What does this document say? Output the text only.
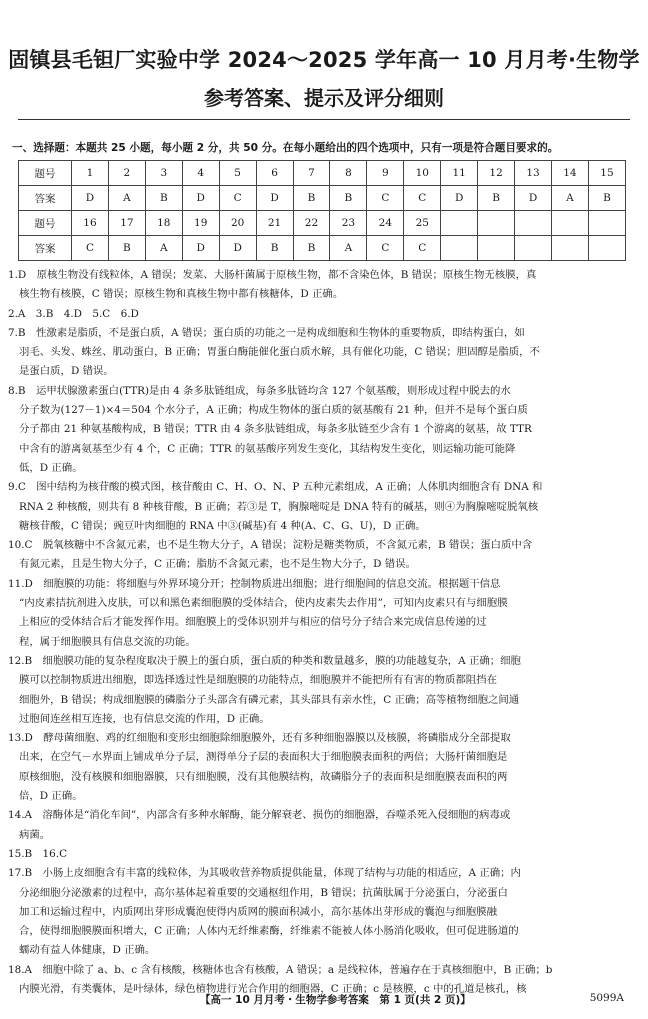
固镇县毛钽厂实验中学 2024～2025 学年高一 10 月月考·生物学
参考答案、提示及评分细则
一、选择题：本题共 25 小题，每小题 2 分，共 50 分。在每小题给出的四个选项中，只有一项是符合题目要求的。
题号	1	2	3	4	5	6	7	8	9	10	11	12	13	14	15
答案	D	A	B	D	C	D	B	B	C	C	D	B	D	A	B
题号	16	17	18	19	20	21	22	23	24	25					
答案	C	B	A	D	D	B	B	A	C	C					
1.D　原核生物没有线粒体，A 错误；发菜、大肠杆菌属于原核生物，都不含染色体，B 错误；原核生物无核膜，真
核生物有核膜，C 错误；原核生物和真核生物中都有核糖体，D 正确。
2.A　3.B　4.D　5.C　6.D
7.B　性激素是脂质，不是蛋白质，A 错误；蛋白质的功能之一是构成细胞和生物体的重要物质，即结构蛋白，如
羽毛、头发、蛛丝、肌动蛋白，B 正确；胃蛋白酶能催化蛋白质水解，具有催化功能，C 错误；胆固醇是脂质，不
是蛋白质，D 错误。
8.B　运甲状腺激素蛋白(TTR)是由 4 条多肽链组成，每条多肽链均含 127 个氨基酸，则形成过程中脱去的水
分子数为(127－1)×4＝504 个水分子，A 正确；构成生物体的蛋白质的氨基酸有 21 种，但并不是每个蛋白质
分子都由 21 种氨基酸构成，B 错误；TTR 由 4 条多肽链组成，每条多肽链至少含有 1 个游离的氨基，故 TTR
中含有的游离氨基至少有 4 个，C 正确；TTR 的氨基酸序列发生变化，其结构发生变化，则运输功能可能降
低，D 正确。
9.C　图中结构为核苷酸的模式图，核苷酸由 C、H、O、N、P 五种元素组成，A 正确；人体肌肉细胞含有 DNA 和
RNA 2 种核酸，则共有 8 种核苷酸，B 正确；若③是 T，胸腺嘧啶是 DNA 特有的碱基，则④为胸腺嘧啶脱氧核
糖核苷酸，C 错误；豌豆叶肉细胞的 RNA 中③(碱基)有 4 种(A、C、G、U)，D 正确。
10.C　脱氧核糖中不含氮元素，也不是生物大分子，A 错误；淀粉是糖类物质，不含氮元素，B 错误；蛋白质中含
有氮元素，且是生物大分子，C 正确；脂肪不含氮元素，也不是生物大分子，D 错误。
11.D　细胞膜的功能：将细胞与外界环境分开；控制物质进出细胞；进行细胞间的信息交流。根据题干信息
“内皮素拮抗剂进入皮肤，可以和黑色素细胞膜的受体结合，使内皮素失去作用”，可知内皮素只有与细胞膜
上相应的受体结合后才能发挥作用。细胞膜上的受体识别并与相应的信号分子结合来完成信息传递的过
程，属于细胞膜具有信息交流的功能。
12.B　细胞膜功能的复杂程度取决于膜上的蛋白质，蛋白质的种类和数量越多，膜的功能越复杂，A 正确；细胞
膜可以控制物质进出细胞，即选择透过性是细胞膜的功能特点，细胞膜并不能把所有有害的物质都阻挡在
细胞外，B 错误；构成细胞膜的磷脂分子头部含有磷元素，其头部具有亲水性，C 正确；高等植物细胞之间通
过胞间连丝相互连接，也有信息交流的作用，D 正确。
13.D　酵母菌细胞、鸡的红细胞和变形虫细胞除细胞膜外，还有多种细胞器膜以及核膜，将磷脂成分全部提取
出来，在空气－水界面上铺成单分子层，测得单分子层的表面积大于细胞膜表面积的两倍；大肠杆菌细胞是
原核细胞，没有核膜和细胞器膜，只有细胞膜，没有其他膜结构，故磷脂分子的表面积是细胞膜表面积的两
倍，D 正确。
14.A　溶酶体是“消化车间”，内部含有多种水解酶，能分解衰老、损伤的细胞器，吞噬杀死入侵细胞的病毒或
病菌。
15.B　16.C
17.B　小肠上皮细胞含有丰富的线粒体，为其吸收营养物质提供能量，体现了结构与功能的相适应，A 正确；内
分泌细胞分泌激素的过程中，高尔基体起着重要的交通枢纽作用，B 错误；抗菌肽属于分泌蛋白，分泌蛋白
加工和运输过程中，内质网出芽形成囊泡使得内质网的膜面积减小，高尔基体出芽形成的囊泡与细胞膜融
合，使得细胞膜膜面积增大，C 正确；人体内无纤维素酶，纤维素不能被人体小肠消化吸收，但可促进肠道的
蠕动有益人体健康，D 正确。
18.A　细胞中除了 a、b、c 含有核酸，核糖体也含有核酸，A 错误；a 是线粒体，普遍存在于真核细胞中，B 正确；b
内膜光滑，有类囊体，是叶绿体，绿色植物进行光合作用的细胞器，C 正确；c 是核膜，c 中的孔道是核孔，核
【高一 10 月月考・生物学参考答案　第 1 页(共 2 页)】	5099A
